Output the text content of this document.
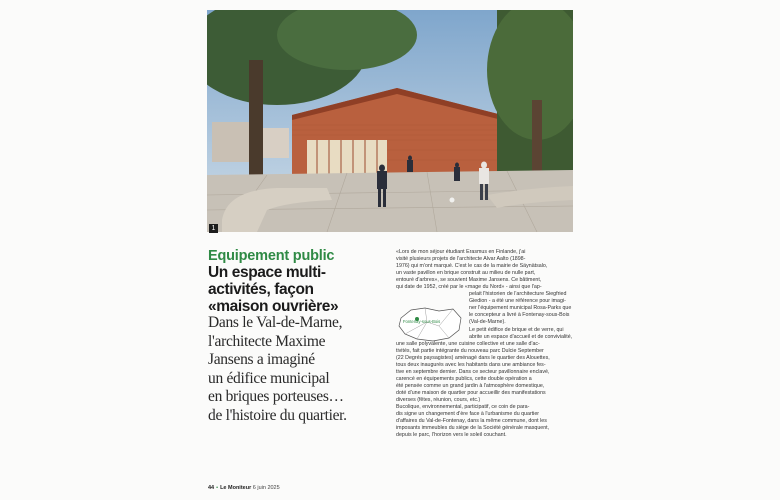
1
Equipement public
Un espace multi-
activités, façon
«maison ouvrière»
Dans le Val-de-Marne,
l'architecte Maxime
Jansens a imaginé
un édifice municipal
en briques porteuses…
de l'histoire du quartier.
«Lors de mon séjour étudiant Erasmus en Finlande, j'ai
visité plusieurs projets de l'architecte Alvar Aalto (1898-
1976) qui m'ont marqué. C'est le cas de la mairie de Säynätsalo,
un vaste pavillon en brique construit au milieu de nulle part,
entouré d'arbres», se souvient Maxime Jansens. Ce bâtiment,
qui date de 1952, créé par le «mage du Nord» - ainsi que l'ap-
pelait l'historien de l'architecture Siegfried
Giedion - a été une référence pour imagi-
ner l'équipement municipal Rosa-Parks que
le concepteur a livré à Fontenay-sous-Bois
(Val-de-Marne).
Le petit édifice de brique et de verre, qui
abrite un espace d'accueil et de convivialité,
une salle polyvalente, une cuisine collective et une salle d'ac-
tivités, fait partie intégrante du nouveau parc Dulcie September
(22 Degrés paysagistes) aménagé dans le quartier des Alouettes,
tous deux inaugurés avec les habitants dans une ambiance fes-
tive en septembre dernier. Dans ce secteur pavillonnaire enclavé,
carencé en équipements publics, cette double opération a
été pensée comme un grand jardin à l'atmosphère domestique,
doté d'une maison de quartier pour accueillir des manifestations
diverses (fêtes, réunion, cours, etc.)
Bucolique, environnemental, participatif, ce coin de para-
dis signe un changement d'ère face à l'urbanisme du quartier
d'affaires du Val-de-Fontenay, dans la même commune, dont les
imposants immeubles du siège de la Société générale masquent,
depuis le parc, l'horizon vers le soleil couchant.
Fontenay-sous-Bois
44 • Le Moniteur 6 juin 2025
